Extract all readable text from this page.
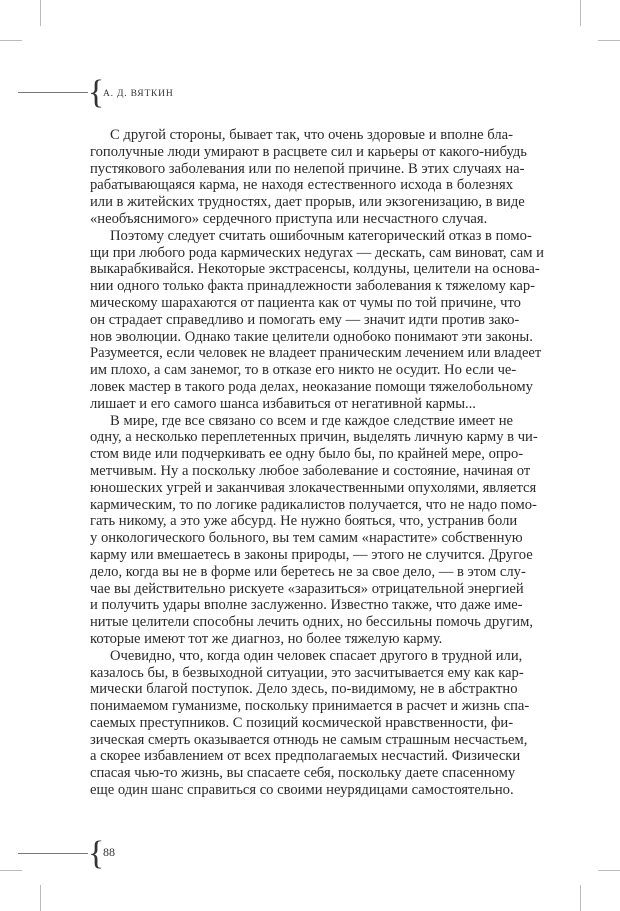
{
А. Д. ВЯТКИН
С другой стороны, бывает так, что очень здоровые и вполне бла-
гополучные люди умирают в расцвете сил и карьеры от какого-нибудь
пустякового заболевания или по нелепой причине. В этих случаях на-
рабатывающаяся карма, не находя естественного исхода в болезнях
или в житейских трудностях, дает прорыв, или экзогенизацию, в виде
«необъяснимого» сердечного приступа или несчастного случая.
Поэтому следует считать ошибочным категорический отказ в помо-
щи при любого рода кармических недугах — дескать, сам виноват, сам и
выкарабкивайся. Некоторые экстрасенсы, колдуны, целители на основа-
нии одного только факта принадлежности заболевания к тяжелому кар-
мическому шарахаются от пациента как от чумы по той причине, что
он страдает справедливо и помогать ему — значит идти против зако-
нов эволюции. Однако такие целители однобоко понимают эти законы.
Разумеется, если человек не владеет праническим лечением или владеет
им плохо, а сам занемог, то в отказе его никто не осудит. Но если че-
ловек мастер в такого рода делах, неоказание помощи тяжелобольному
лишает и его самого шанса избавиться от негативной кармы...
В мире, где все связано со всем и где каждое следствие имеет не
одну, а несколько переплетенных причин, выделять личную карму в чи-
стом виде или подчеркивать ее одну было бы, по крайней мере, опро-
метчивым. Ну а поскольку любое заболевание и состояние, начиная от
юношеских угрей и заканчивая злокачественными опухолями, является
кармическим, то по логике радикалистов получается, что не надо помо-
гать никому, а это уже абсурд. Не нужно бояться, что, устранив боли
у онкологического больного, вы тем самим «нарастите» собственную
карму или вмешаетесь в законы природы, — этого не случится. Другое
дело, когда вы не в форме или беретесь не за свое дело, — в этом слу-
чае вы действительно рискуете «заразиться» отрицательной энергией
и получить удары вполне заслуженно. Известно также, что даже име-
нитые целители способны лечить одних, но бессильны помочь другим,
которые имеют тот же диагноз, но более тяжелую карму.
Очевидно, что, когда один человек спасает другого в трудной или,
казалось бы, в безвыходной ситуации, это засчитывается ему как кар-
мически благой поступок. Дело здесь, по-видимому, не в абстрактно
понимаемом гуманизме, поскольку принимается в расчет и жизнь спа-
саемых преступников. С позиций космической нравственности, фи-
зическая смерть оказывается отнюдь не самым страшным несчастьем,
а скорее избавлением от всех предполагаемых несчастий. Физически
спасая чью-то жизнь, вы спасаете себя, поскольку даете спасенному
еще один шанс справиться со своими неурядицами самостоятельно.
{
88
